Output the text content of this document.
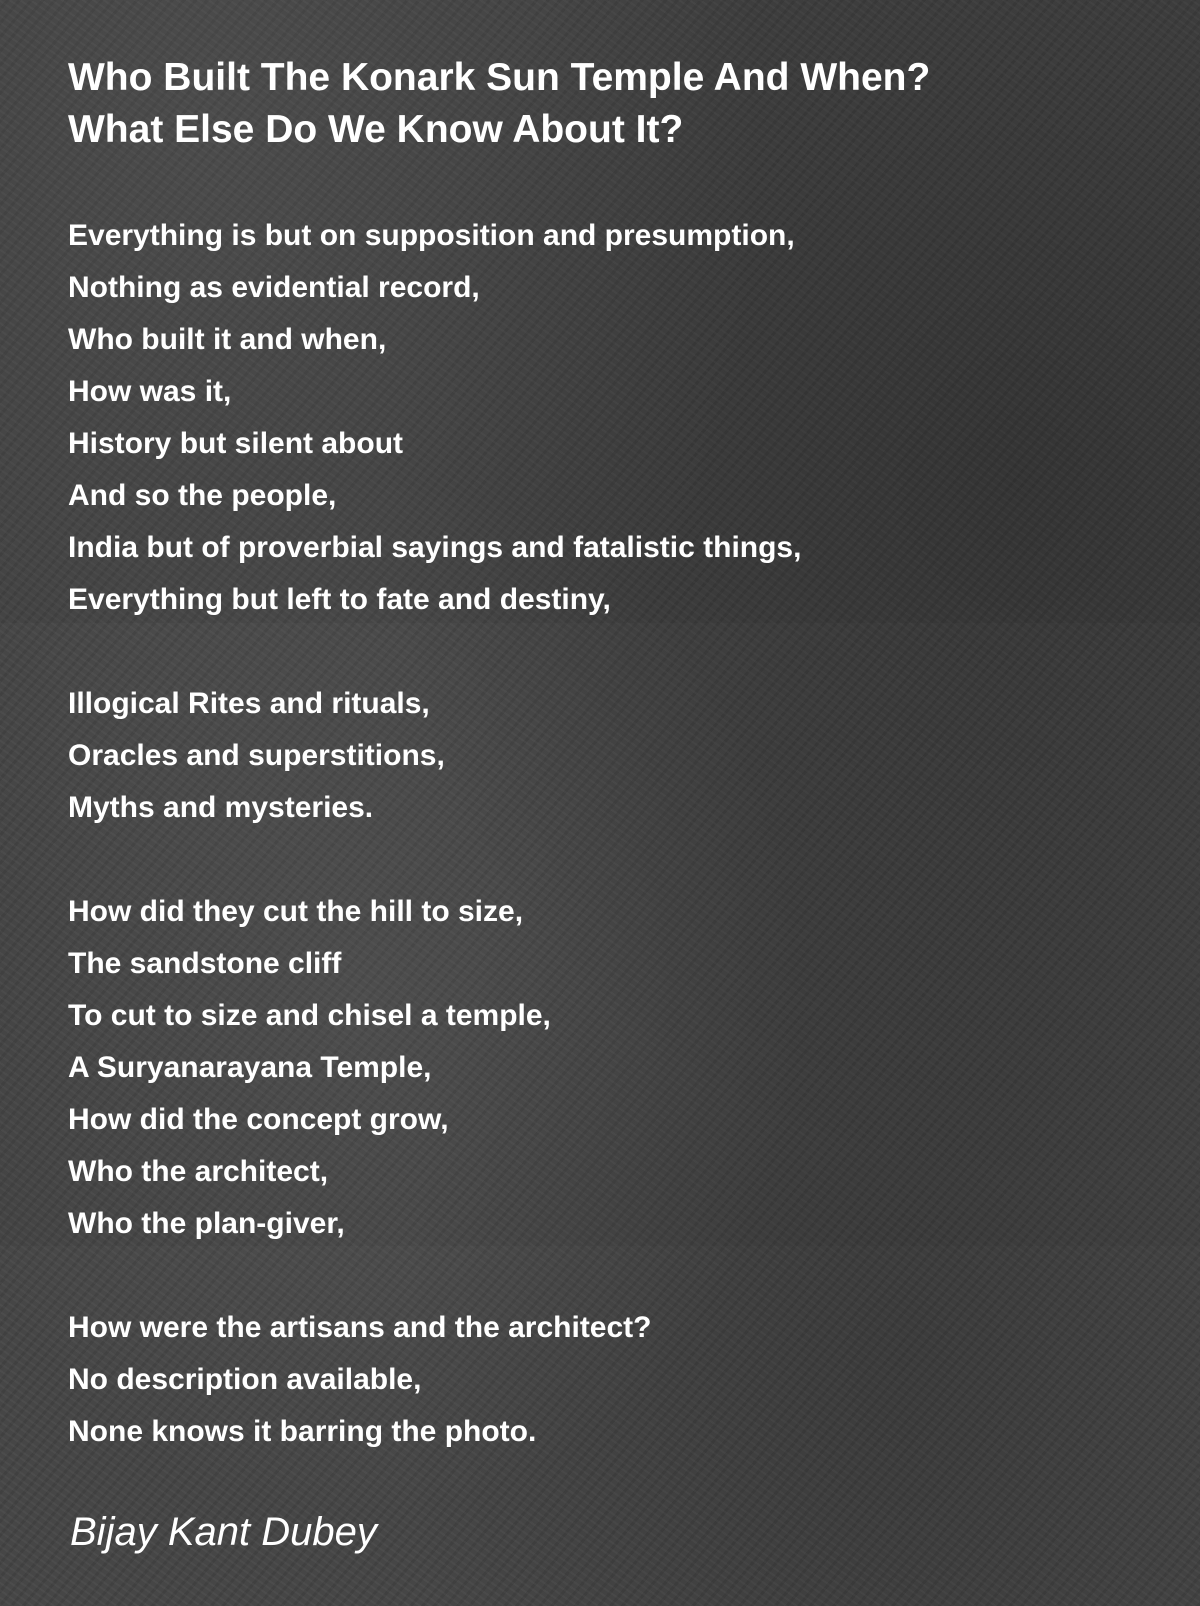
Who Built The Konark Sun Temple And When?
What Else Do We Know About It?
Everything is but on supposition and presumption,
Nothing as evidential record,
Who built it and when,
How was it,
History but silent about
And so the people,
India but of proverbial sayings and fatalistic things,
Everything but left to fate and destiny,
Illogical Rites and rituals,
Oracles and superstitions,
Myths and mysteries.
How did they cut the hill to size,
The sandstone cliff
To cut to size and chisel a temple,
A Suryanarayana Temple,
How did the concept grow,
Who the architect,
Who the plan-giver,
How were the artisans and the architect?
No description available,
None knows it barring the photo.
Bijay Kant Dubey
